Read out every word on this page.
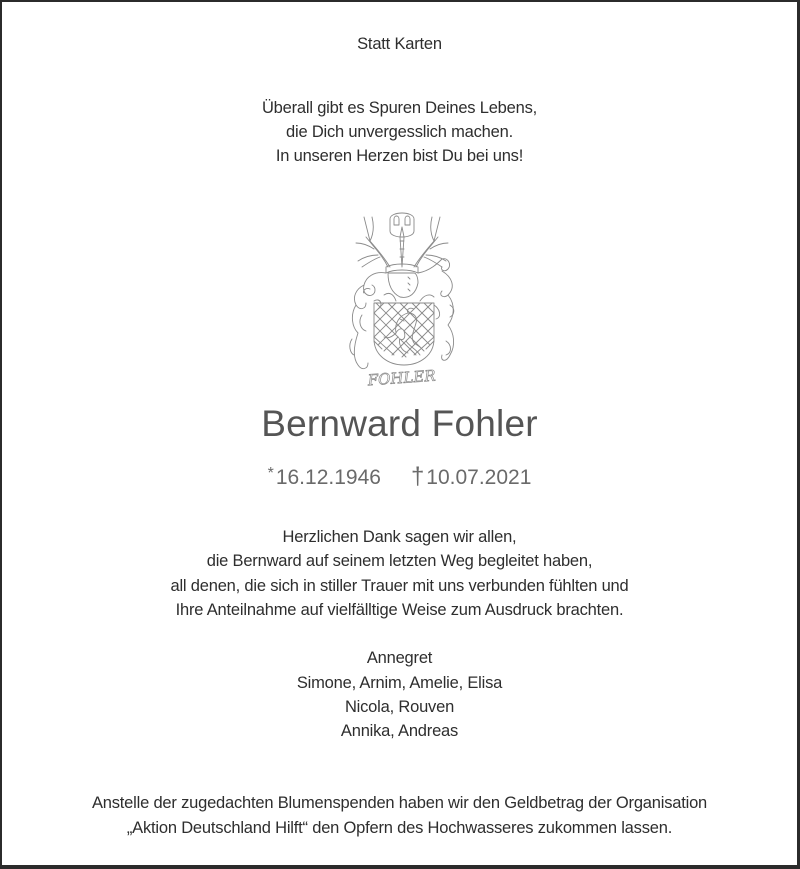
Statt Karten
Überall gibt es Spuren Deines Lebens,
die Dich unvergesslich machen.
In unseren Herzen bist Du bei uns!
FOHLER
Bernward Fohler
*16.12.1946 †10.07.2021
Herzlichen Dank sagen wir allen,
die Bernward auf seinem letzten Weg begleitet haben,
all denen, die sich in stiller Trauer mit uns verbunden fühlten und
Ihre Anteilnahme auf vielfälltige Weise zum Ausdruck brachten.
Annegret
Simone, Arnim, Amelie, Elisa
Nicola, Rouven
Annika, Andreas
Anstelle der zugedachten Blumenspenden haben wir den Geldbetrag der Organisation
„Aktion Deutschland Hilft“ den Opfern des Hochwasseres zukommen lassen.
